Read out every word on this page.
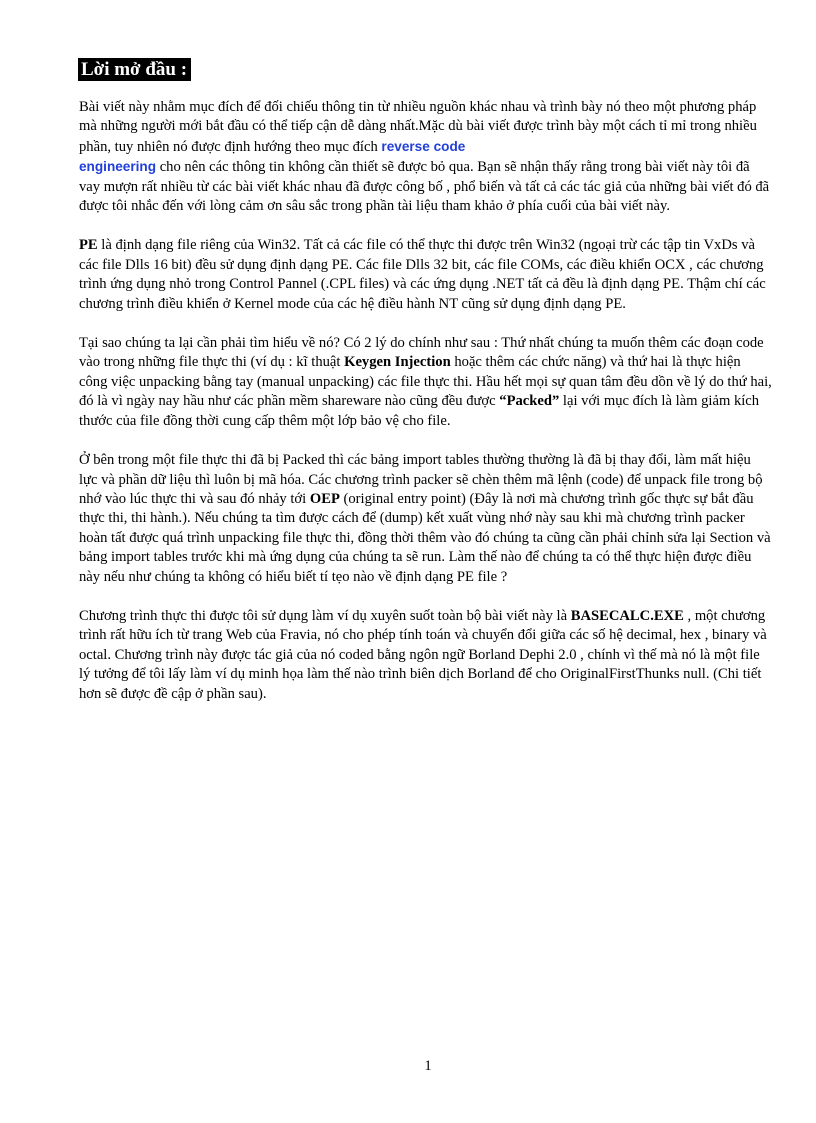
Lời mở đầu :

Bài viết này nhằm mục đích để đối chiếu thông tin từ nhiều nguồn khác nhau và trình bày nó theo một phương pháp mà những người mới bắt đầu có thể tiếp cận dễ dàng nhất.Mặc dù bài viết được trình bày một cách tỉ mỉ trong nhiều phần, tuy nhiên nó được định hướng theo mục đích reverse code
engineering cho nên các thông tin không cần thiết sẽ được bỏ qua. Bạn sẽ nhận thấy rằng trong bài viết này tôi đã vay mượn rất nhiều từ các bài viết khác nhau đã được công bố , phổ biến và tất cả các tác giả của những bài viết đó đã được tôi nhắc đến với lòng cảm ơn sâu sắc trong phần tài liệu tham khảo ở phía cuối của bài viết này.

PE là định dạng file riêng của Win32. Tất cả các file có thể thực thi được trên Win32 (ngoại trừ các tập tin VxDs và các file Dlls 16 bit) đều sử dụng định dạng PE. Các file Dlls 32 bit, các file COMs, các điều khiển OCX , các chương trình ứng dụng nhỏ trong Control Pannel (.CPL files) và các ứng dụng .NET tất cả đều là định dạng PE. Thậm chí các chương trình điều khiển ở Kernel mode của các hệ điều hành NT cũng sử dụng định dạng PE.

Tại sao chúng ta lại cần phải tìm hiểu về nó? Có 2 lý do chính như sau : Thứ nhất chúng ta muốn thêm các đoạn code vào trong những file thực thi (ví dụ : kĩ thuật Keygen Injection hoặc thêm các chức năng) và thứ hai là thực hiện công việc unpacking bằng tay (manual unpacking) các file thực thi. Hầu hết mọi sự quan tâm đều dồn về lý do thứ hai, đó là vì ngày nay hầu như các phần mềm shareware nào cũng đều được “Packed” lại với mục đích là làm giảm kích thước của file đồng thời cung cấp thêm một lớp bảo vệ cho file.

Ở bên trong một file thực thi đã bị Packed thì các bảng import tables thường thường là đã bị thay đổi, làm mất hiệu lực và phần dữ liệu thì luôn bị mã hóa. Các chương trình packer sẽ chèn thêm mã lệnh (code) để unpack file trong bộ nhớ vào lúc thực thi và sau đó nhảy tới OEP (original entry point) (Đây là nơi mà chương trình gốc thực sự bắt đầu thực thi, thi hành.). Nếu chúng ta tìm được cách để (dump) kết xuất vùng nhớ này sau khi mà chương trình packer hoàn tất được quá trình unpacking file thực thi, đồng thời thêm vào đó chúng ta cũng cần phải chỉnh sửa lại Section và bảng import tables trước khi mà ứng dụng của chúng ta sẽ run. Làm thế nào để chúng ta có thể thực hiện được điều này nếu như chúng ta không có hiểu biết tí tẹo nào về định dạng PE file ?

Chương trình thực thi được tôi sử dụng làm ví dụ xuyên suốt toàn bộ bài viết này là BASECALC.EXE , một chương trình rất hữu ích từ trang Web của Fravia, nó cho phép tính toán và chuyển đổi giữa các số hệ decimal, hex , binary và octal. Chương trình này được tác giả của nó coded bằng ngôn ngữ Borland Dephi 2.0 , chính vì thế mà nó là một file lý tưởng để tôi lấy làm ví dụ minh họa làm thế nào trình biên dịch Borland để cho OriginalFirstThunks null. (Chi tiết hơn sẽ được đề cập ở phần sau).

1
